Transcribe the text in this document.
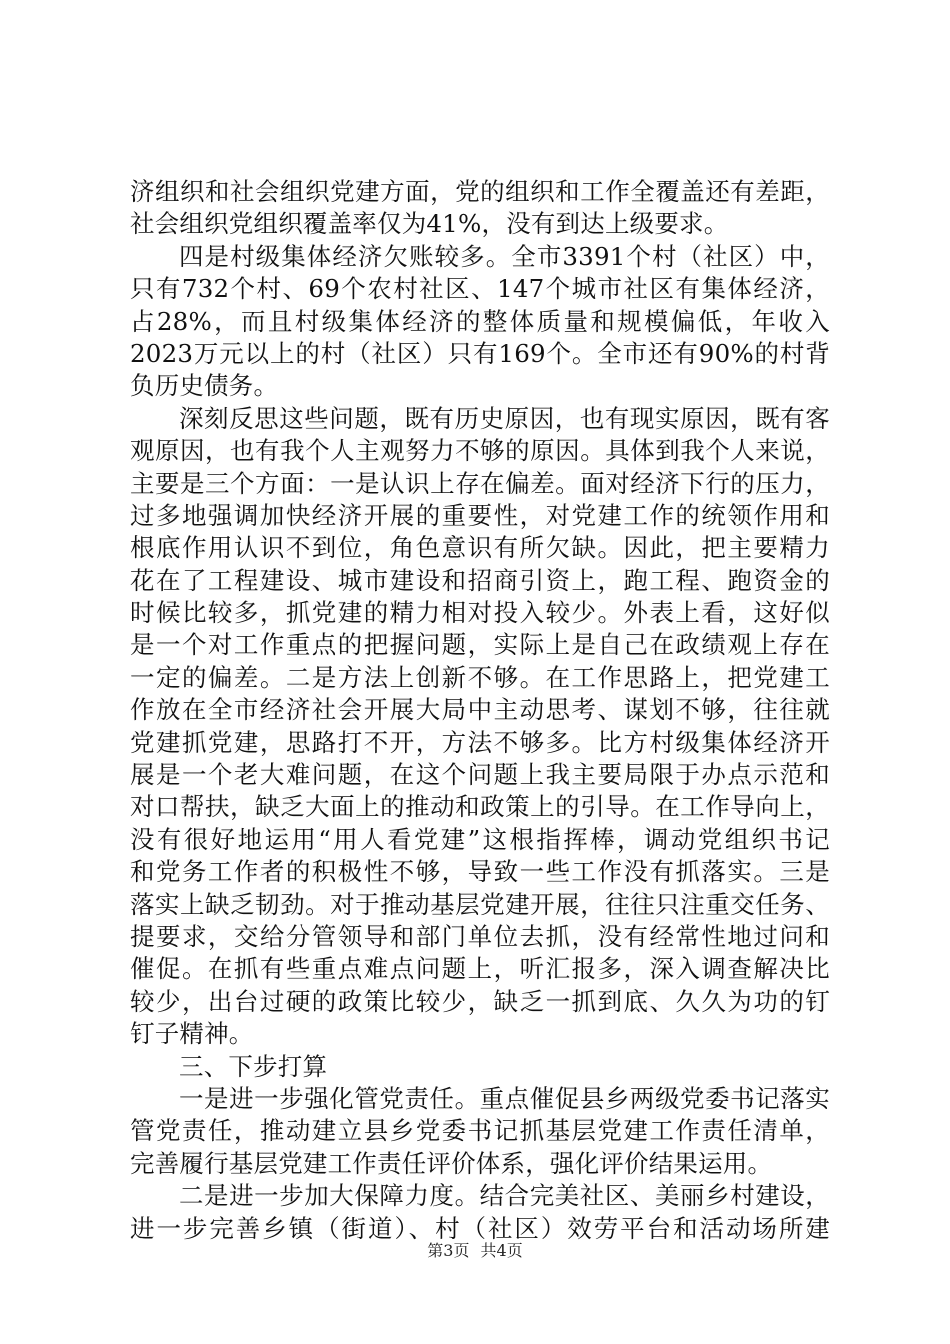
济组织和社会组织党建方面，党的组织和工作全覆盖还有差距，
社会组织党组织覆盖率仅为41%，没有到达上级要求。
四是村级集体经济欠账较多。全市3391个村（社区）中，
只有732个村、69个农村社区、147个城市社区有集体经济，
占28%，而且村级集体经济的整体质量和规模偏低，年收入
2023万元以上的村（社区）只有169个。全市还有90%的村背
负历史债务。
深刻反思这些问题，既有历史原因，也有现实原因，既有客
观原因，也有我个人主观努力不够的原因。具体到我个人来说，
主要是三个方面：一是认识上存在偏差。面对经济下行的压力，
过多地强调加快经济开展的重要性，对党建工作的统领作用和
根底作用认识不到位，角色意识有所欠缺。因此，把主要精力
花在了工程建设、城市建设和招商引资上，跑工程、跑资金的
时候比较多，抓党建的精力相对投入较少。外表上看，这好似
是一个对工作重点的把握问题，实际上是自己在政绩观上存在
一定的偏差。二是方法上创新不够。在工作思路上，把党建工
作放在全市经济社会开展大局中主动思考、谋划不够，往往就
党建抓党建，思路打不开，方法不够多。比方村级集体经济开
展是一个老大难问题，在这个问题上我主要局限于办点示范和
对口帮扶，缺乏大面上的推动和政策上的引导。在工作导向上，
没有很好地运用“用人看党建”这根指挥棒，调动党组织书记
和党务工作者的积极性不够，导致一些工作没有抓落实。三是
落实上缺乏韧劲。对于推动基层党建开展，往往只注重交任务、
提要求，交给分管领导和部门单位去抓，没有经常性地过问和
催促。在抓有些重点难点问题上，听汇报多，深入调查解决比
较少，出台过硬的政策比较少，缺乏一抓到底、久久为功的钉
钉子精神。
三、下步打算
一是进一步强化管党责任。重点催促县乡两级党委书记落实
管党责任，推动建立县乡党委书记抓基层党建工作责任清单，
完善履行基层党建工作责任评价体系，强化评价结果运用。
二是进一步加大保障力度。结合完美社区、美丽乡村建设，
进一步完善乡镇（街道）、村（社区）效劳平台和活动场所建
第3页 共4页
